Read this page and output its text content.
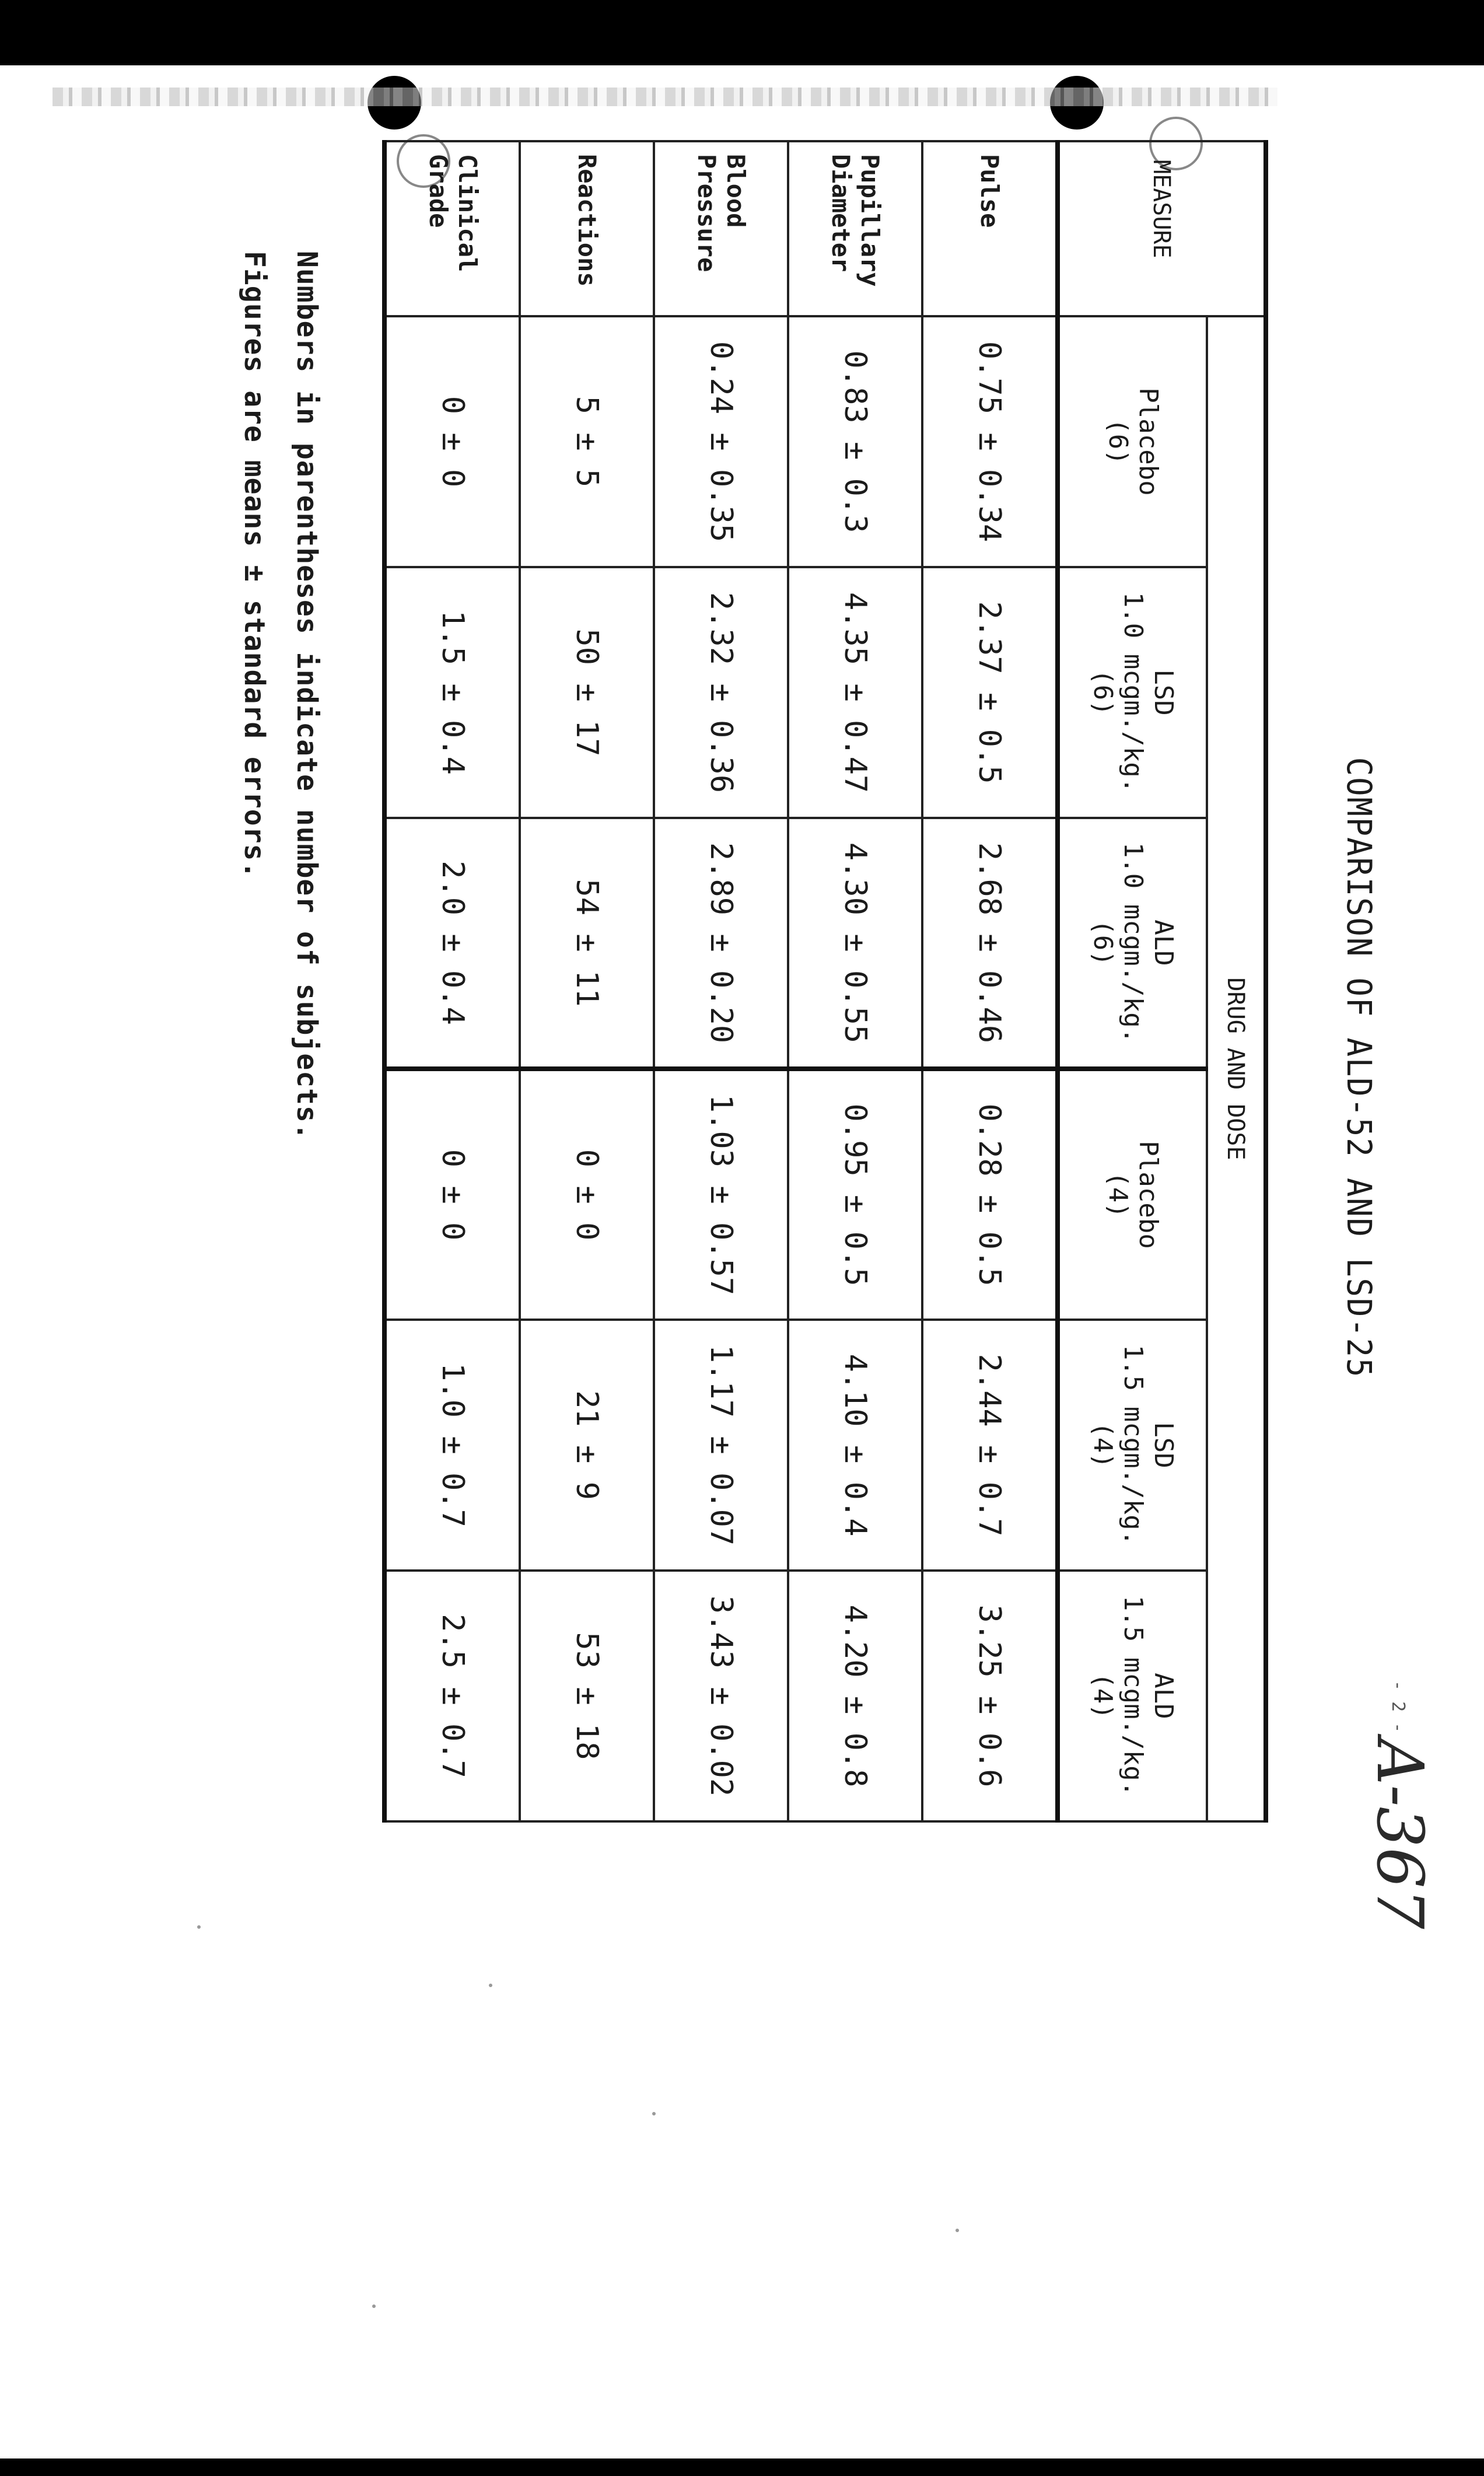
COMPARISON OF ALD-52 AND LSD-25
A-367
- 2 -
MEASURE	DRUG AND DOSE					

	Placebo
(6)	LSD
1.0 mcgm./kg.
(6)	ALD
1.0 mcgm./kg.
(6)	Placebo
(4)	LSD
1.5 mcgm./kg.
(4)	ALD
1.5 mcgm./kg.
(4)

Pulse	0.75 ± 0.34	2.37 ± 0.5	2.68 ± 0.46	0.28 ± 0.5	2.44 ± 0.7	3.25 ± 0.6

Pupillary
Diameter	0.83 ± 0.3	4.35 ± 0.47	4.30 ± 0.55	0.95 ± 0.5	4.10 ± 0.4	4.20 ± 0.8

Blood
Pressure	0.24 ± 0.35	2.32 ± 0.36	2.89 ± 0.20	1.03 ± 0.57	1.17 ± 0.07	3.43 ± 0.02

Reactions	5 ± 5	50 ± 17	54 ± 11	0 ± 0	21 ± 9	53 ± 18

Clinical
Grade	0 ± 0	1.5 ± 0.4	2.0 ± 0.4	0 ± 0	1.0 ± 0.7	2.5 ± 0.7
Numbers in parentheses indicate number of subjects.
Figures are means ± standard errors.
